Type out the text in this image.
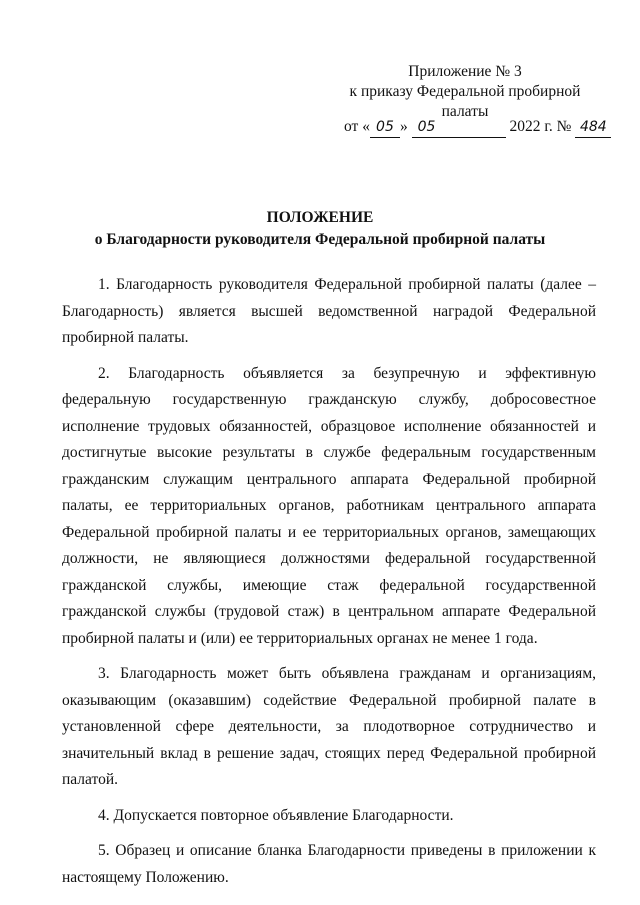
Приложение № 3
к приказу Федеральной пробирной
палаты
от « 05 » 05	2022 г. № 484
ПОЛОЖЕНИЕ
о Благодарности руководителя Федеральной пробирной палаты

1. Благодарность руководителя Федеральной пробирной палаты (далее – Благодарность) является высшей ведомственной наградой Федеральной пробирной палаты.

2. Благодарность объявляется за безупречную и эффективную федеральную государственную гражданскую службу, добросовестное исполнение трудовых обязанностей, образцовое исполнение обязанностей и достигнутые высокие результаты в службе федеральным государственным гражданским служащим центрального аппарата Федеральной пробирной палаты, ее территориальных органов, работникам центрального аппарата Федеральной пробирной палаты и ее территориальных органов, замещающих должности, не являющиеся должностями федеральной государственной гражданской службы, имеющие стаж федеральной государственной гражданской службы (трудовой стаж) в центральном аппарате Федеральной пробирной палаты и (или) ее территориальных органах не менее 1 года.

3. Благодарность может быть объявлена гражданам и организациям, оказывающим (оказавшим) содействие Федеральной пробирной палате в установленной сфере деятельности, за плодотворное сотрудничество и значительный вклад в решение задач, стоящих перед Федеральной пробирной палатой.

4. Допускается повторное объявление Благодарности.

5. Образец и описание бланка Благодарности приведены в приложении к настоящему Положению.
